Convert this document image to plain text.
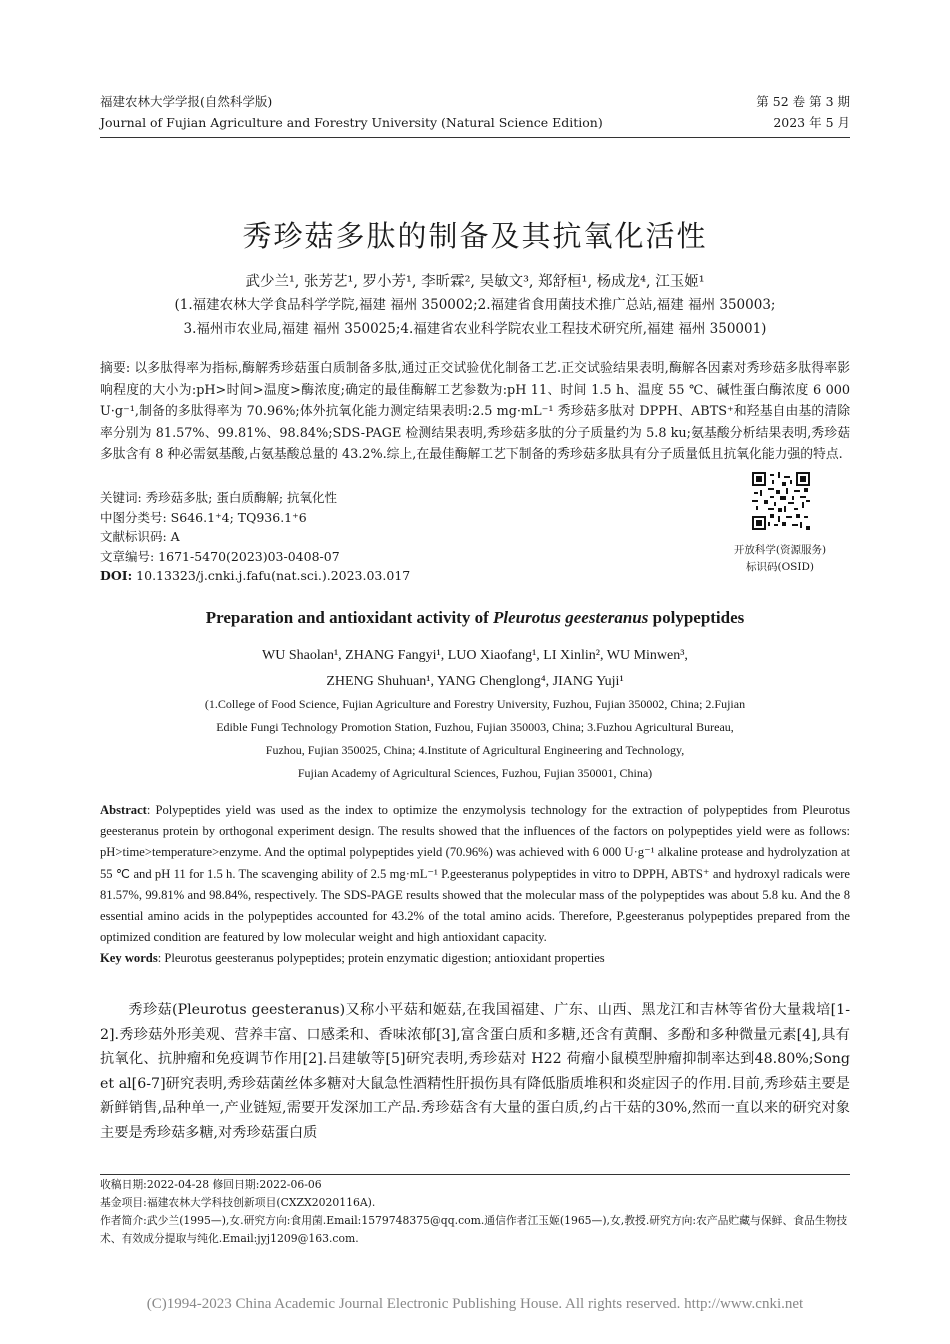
福建农林大学学报(自然科学版)
Journal of Fujian Agriculture and Forestry University (Natural Science Edition)
第 52 卷 第 3 期
2023 年 5 月
秀珍菇多肽的制备及其抗氧化活性
武少兰¹, 张芳艺¹, 罗小芳¹, 李昕霖², 吴敏文³, 郑舒桓¹, 杨成龙⁴, 江玉姬¹
(1.福建农林大学食品科学学院,福建 福州 350002;2.福建省食用菌技术推广总站,福建 福州 350003;
3.福州市农业局,福建 福州 350025;4.福建省农业科学院农业工程技术研究所,福建 福州 350001)

摘要: 以多肽得率为指标,酶解秀珍菇蛋白质制备多肽,通过正交试验优化制备工艺.正交试验结果表明,酶解各因素对秀珍菇多肽得率影响程度的大小为:pH>时间>温度>酶浓度;确定的最佳酶解工艺参数为:pH 11、时间 1.5 h、温度 55 ℃、碱性蛋白酶浓度 6 000 U·g⁻¹,制备的多肽得率为 70.96%;体外抗氧化能力测定结果表明:2.5 mg·mL⁻¹ 秀珍菇多肽对 DPPH、ABTS⁺和羟基自由基的清除率分别为 81.57%、99.81%、98.84%;SDS-PAGE 检测结果表明,秀珍菇多肽的分子质量约为 5.8 ku;氨基酸分析结果表明,秀珍菇多肽含有 8 种必需氨基酸,占氨基酸总量的 43.2%.综上,在最佳酶解工艺下制备的秀珍菇多肽具有分子质量低且抗氧化能力强的特点.

关键词: 秀珍菇多肽; 蛋白质酶解; 抗氧化性
中图分类号: S646.1⁺4; TQ936.1⁺6
文献标识码: A
文章编号: 1671-5470(2023)03-0408-07
DOI: 10.13323/j.cnki.j.fafu(nat.sci.).2023.03.017
开放科学(资源服务)
标识码(OSID)
Preparation and antioxidant activity of Pleurotus geesteranus polypeptides
WU Shaolan¹, ZHANG Fangyi¹, LUO Xiaofang¹, LI Xinlin², WU Minwen³,
ZHENG Shuhuan¹, YANG Chenglong⁴, JIANG Yuji¹
(1.College of Food Science, Fujian Agriculture and Forestry University, Fuzhou, Fujian 350002, China; 2.Fujian
Edible Fungi Technology Promotion Station, Fuzhou, Fujian 350003, China; 3.Fuzhou Agricultural Bureau,
Fuzhou, Fujian 350025, China; 4.Institute of Agricultural Engineering and Technology,
Fujian Academy of Agricultural Sciences, Fuzhou, Fujian 350001, China)

Abstract: Polypeptides yield was used as the index to optimize the enzymolysis technology for the extraction of polypeptides from Pleurotus geesteranus protein by orthogonal experiment design. The results showed that the influences of the factors on polypeptides yield were as follows: pH>time>temperature>enzyme. And the optimal polypeptides yield (70.96%) was achieved with 6 000 U·g⁻¹ alkaline protease and hydrolyzation at 55 ℃ and pH 11 for 1.5 h. The scavenging ability of 2.5 mg·mL⁻¹ P.geesteranus polypeptides in vitro to DPPH, ABTS⁺ and hydroxyl radicals were 81.57%, 99.81% and 98.84%, respectively. The SDS-PAGE results showed that the molecular mass of the polypeptides was about 5.8 ku. And the 8 essential amino acids in the polypeptides accounted for 43.2% of the total amino acids. Therefore, P.geesteranus polypeptides prepared from the optimized condition are featured by low molecular weight and high antioxidant capacity.

Key words: Pleurotus geesteranus polypeptides; protein enzymatic digestion; antioxidant properties

秀珍菇(Pleurotus geesteranus)又称小平菇和姬菇,在我国福建、广东、山西、黑龙江和吉林等省份大量栽培[1-2].秀珍菇外形美观、营养丰富、口感柔和、香味浓郁[3],富含蛋白质和多糖,还含有黄酮、多酚和多种微量元素[4],具有抗氧化、抗肿瘤和免疫调节作用[2].吕建敏等[5]研究表明,秀珍菇对 H22 荷瘤小鼠模型肿瘤抑制率达到48.80%;Song et al[6-7]研究表明,秀珍菇菌丝体多糖对大鼠急性酒精性肝损伤具有降低脂质堆积和炎症因子的作用.目前,秀珍菇主要是新鲜销售,品种单一,产业链短,需要开发深加工产品.秀珍菇含有大量的蛋白质,约占干菇的30%,然而一直以来的研究对象主要是秀珍菇多糖,对秀珍菇蛋白质

收稿日期:2022-04-28 修回日期:2022-06-06
基金项目:福建农林大学科技创新项目(CXZX2020116A).
作者简介:武少兰(1995—),女.研究方向:食用菌.Email:1579748375@qq.com.通信作者江玉姬(1965—),女,教授.研究方向:农产品贮藏与保鲜、食品生物技术、有效成分提取与纯化.Email:jyj1209@163.com.
(C)1994-2023 China Academic Journal Electronic Publishing House. All rights reserved. http://www.cnki.net
